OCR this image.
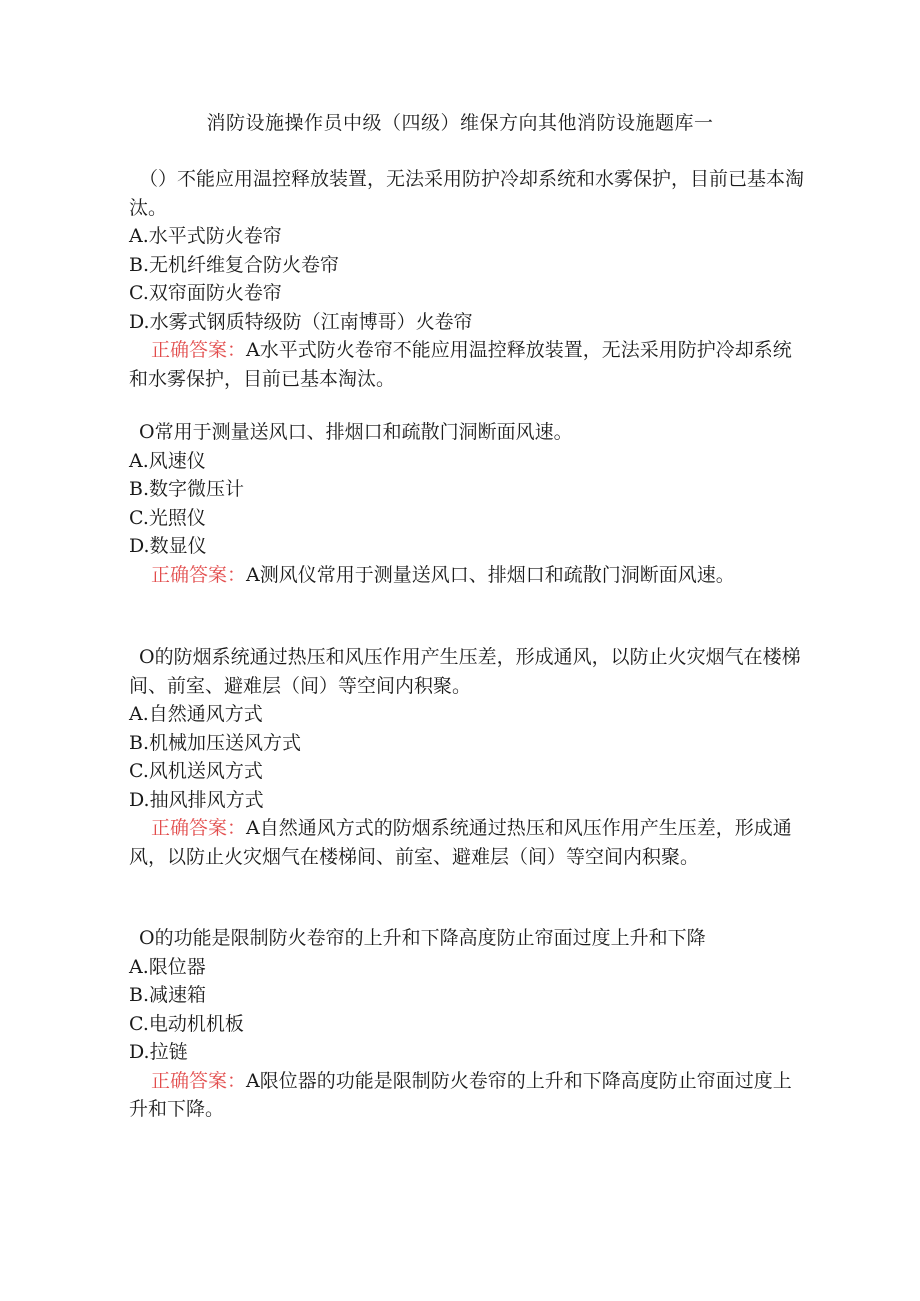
消防设施操作员中级（四级）维保方向其他消防设施题库一
（）不能应用温控释放装置，无法采用防护冷却系统和水雾保护，目前已基本淘汰。
A.水平式防火卷帘
B.无机纤维复合防火卷帘
C.双帘面防火卷帘
D.水雾式钢质特级防（江南博哥）火卷帘
正确答案：A水平式防火卷帘不能应用温控释放装置，无法采用防护冷却系统和水雾保护，目前已基本淘汰。
O常用于测量送风口、排烟口和疏散门洞断面风速。
A.风速仪
B.数字微压计
C.光照仪
D.数显仪
正确答案：A测风仪常用于测量送风口、排烟口和疏散门洞断面风速。
O的防烟系统通过热压和风压作用产生压差，形成通风，以防止火灾烟气在楼梯间、前室、避难层（间）等空间内积聚。
A.自然通风方式
B.机械加压送风方式
C.风机送风方式
D.抽风排风方式
正确答案：A自然通风方式的防烟系统通过热压和风压作用产生压差，形成通风，以防止火灾烟气在楼梯间、前室、避难层（间）等空间内积聚。
O的功能是限制防火卷帘的上升和下降高度防止帘面过度上升和下降
A.限位器
B.减速箱
C.电动机机板
D.拉链
正确答案：A限位器的功能是限制防火卷帘的上升和下降高度防止帘面过度上升和下降。
